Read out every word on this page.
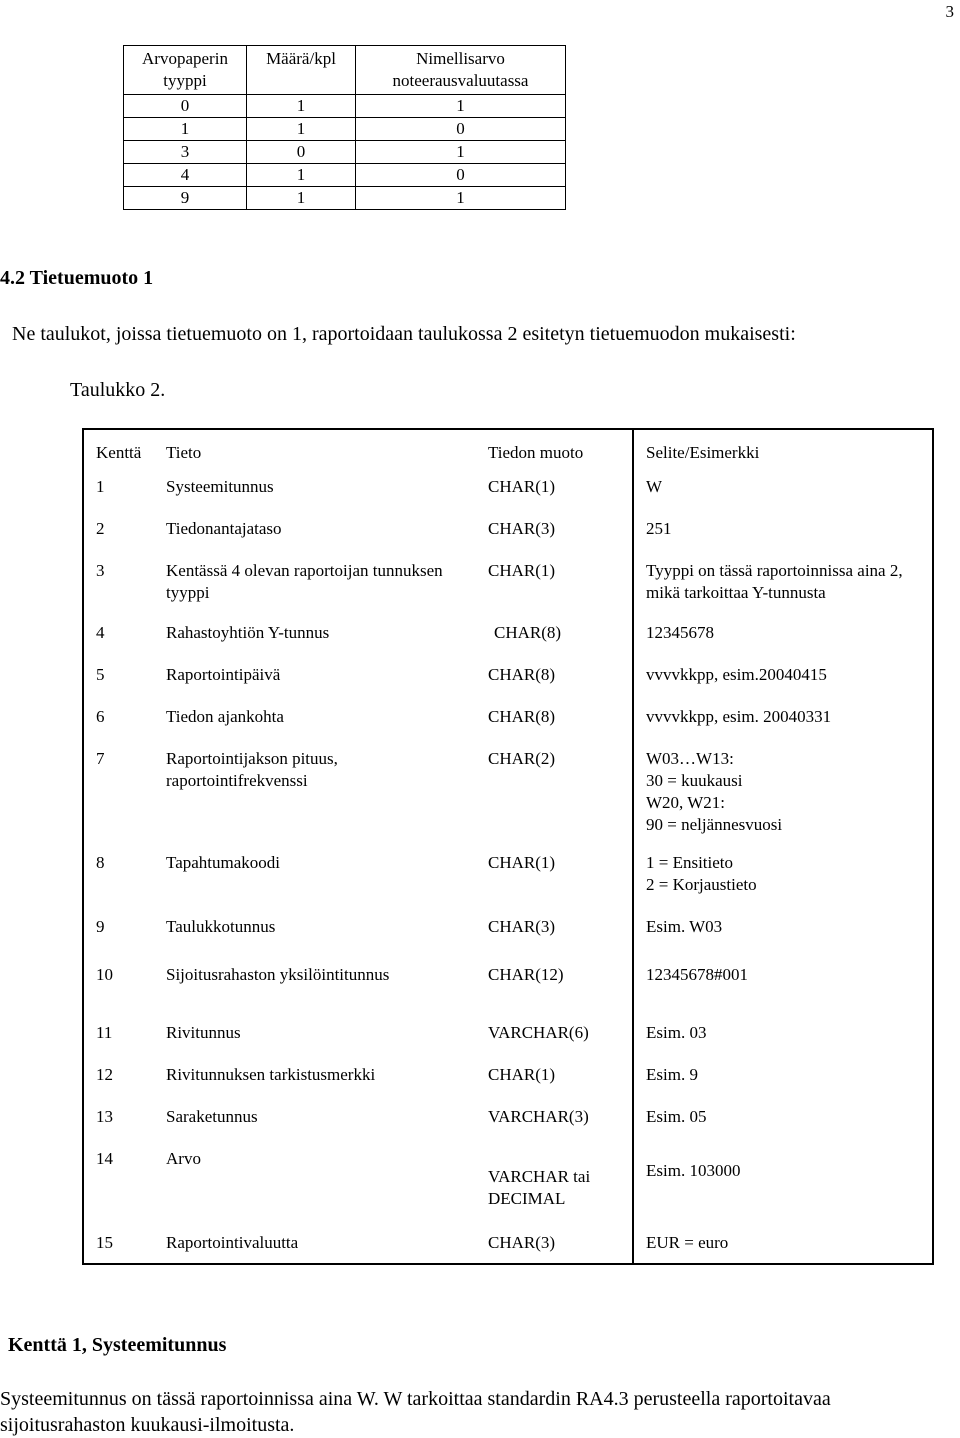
3
Arvopaperin tyyppi	Määrä/kpl	Nimellisarvo noteerausvaluutassa
0	1	1
1	1	0
3	0	1
4	1	0
9	1	1
4.2 Tietuemuoto 1
Ne taulukot, joissa tietuemuoto on 1, raportoidaan taulukossa 2 esitetyn tietuemuodon mukaisesti:
Taulukko 2.
Kenttä	Tieto	Tiedon muoto	Selite/Esimerkki
1	Systeemitunnus	CHAR(1)	W
2	Tiedonantajataso	CHAR(3)	251
3	Kentässä 4 olevan raportoijan tunnuksen tyyppi	CHAR(1)	Tyyppi on tässä raportoinnissa aina 2, mikä tarkoittaa Y-tunnusta
4	Rahastoyhtiön Y-tunnus	CHAR(8)	12345678
5	Raportointipäivä	CHAR(8)	vvvvkkpp, esim.20040415
6	Tiedon ajankohta	CHAR(8)	vvvvkkpp, esim. 20040331
7	Raportointijakson pituus, raportointifrekvenssi	CHAR(2)	W03…W13:
30 = kuukausi
W20, W21:
90 = neljännesvuosi
8	Tapahtumakoodi	CHAR(1)	1 = Ensitieto
2 = Korjaustieto
9	Taulukkotunnus	CHAR(3)	Esim. W03
10	Sijoitusrahaston yksilöintitunnus	CHAR(12)	12345678#001
11	Rivitunnus	VARCHAR(6)	Esim. 03
12	Rivitunnuksen tarkistusmerkki	CHAR(1)	Esim. 9
13	Saraketunnus	VARCHAR(3)	Esim. 05
14	Arvo	VARCHAR tai DECIMAL	Esim. 103000
15	Raportointivaluutta	CHAR(3)	EUR = euro
Kenttä 1, Systeemitunnus
Systeemitunnus on tässä raportoinnissa aina W. W tarkoittaa standardin RA4.3 perusteella raportoitavaa sijoitusrahaston kuukausi-ilmoitusta.
